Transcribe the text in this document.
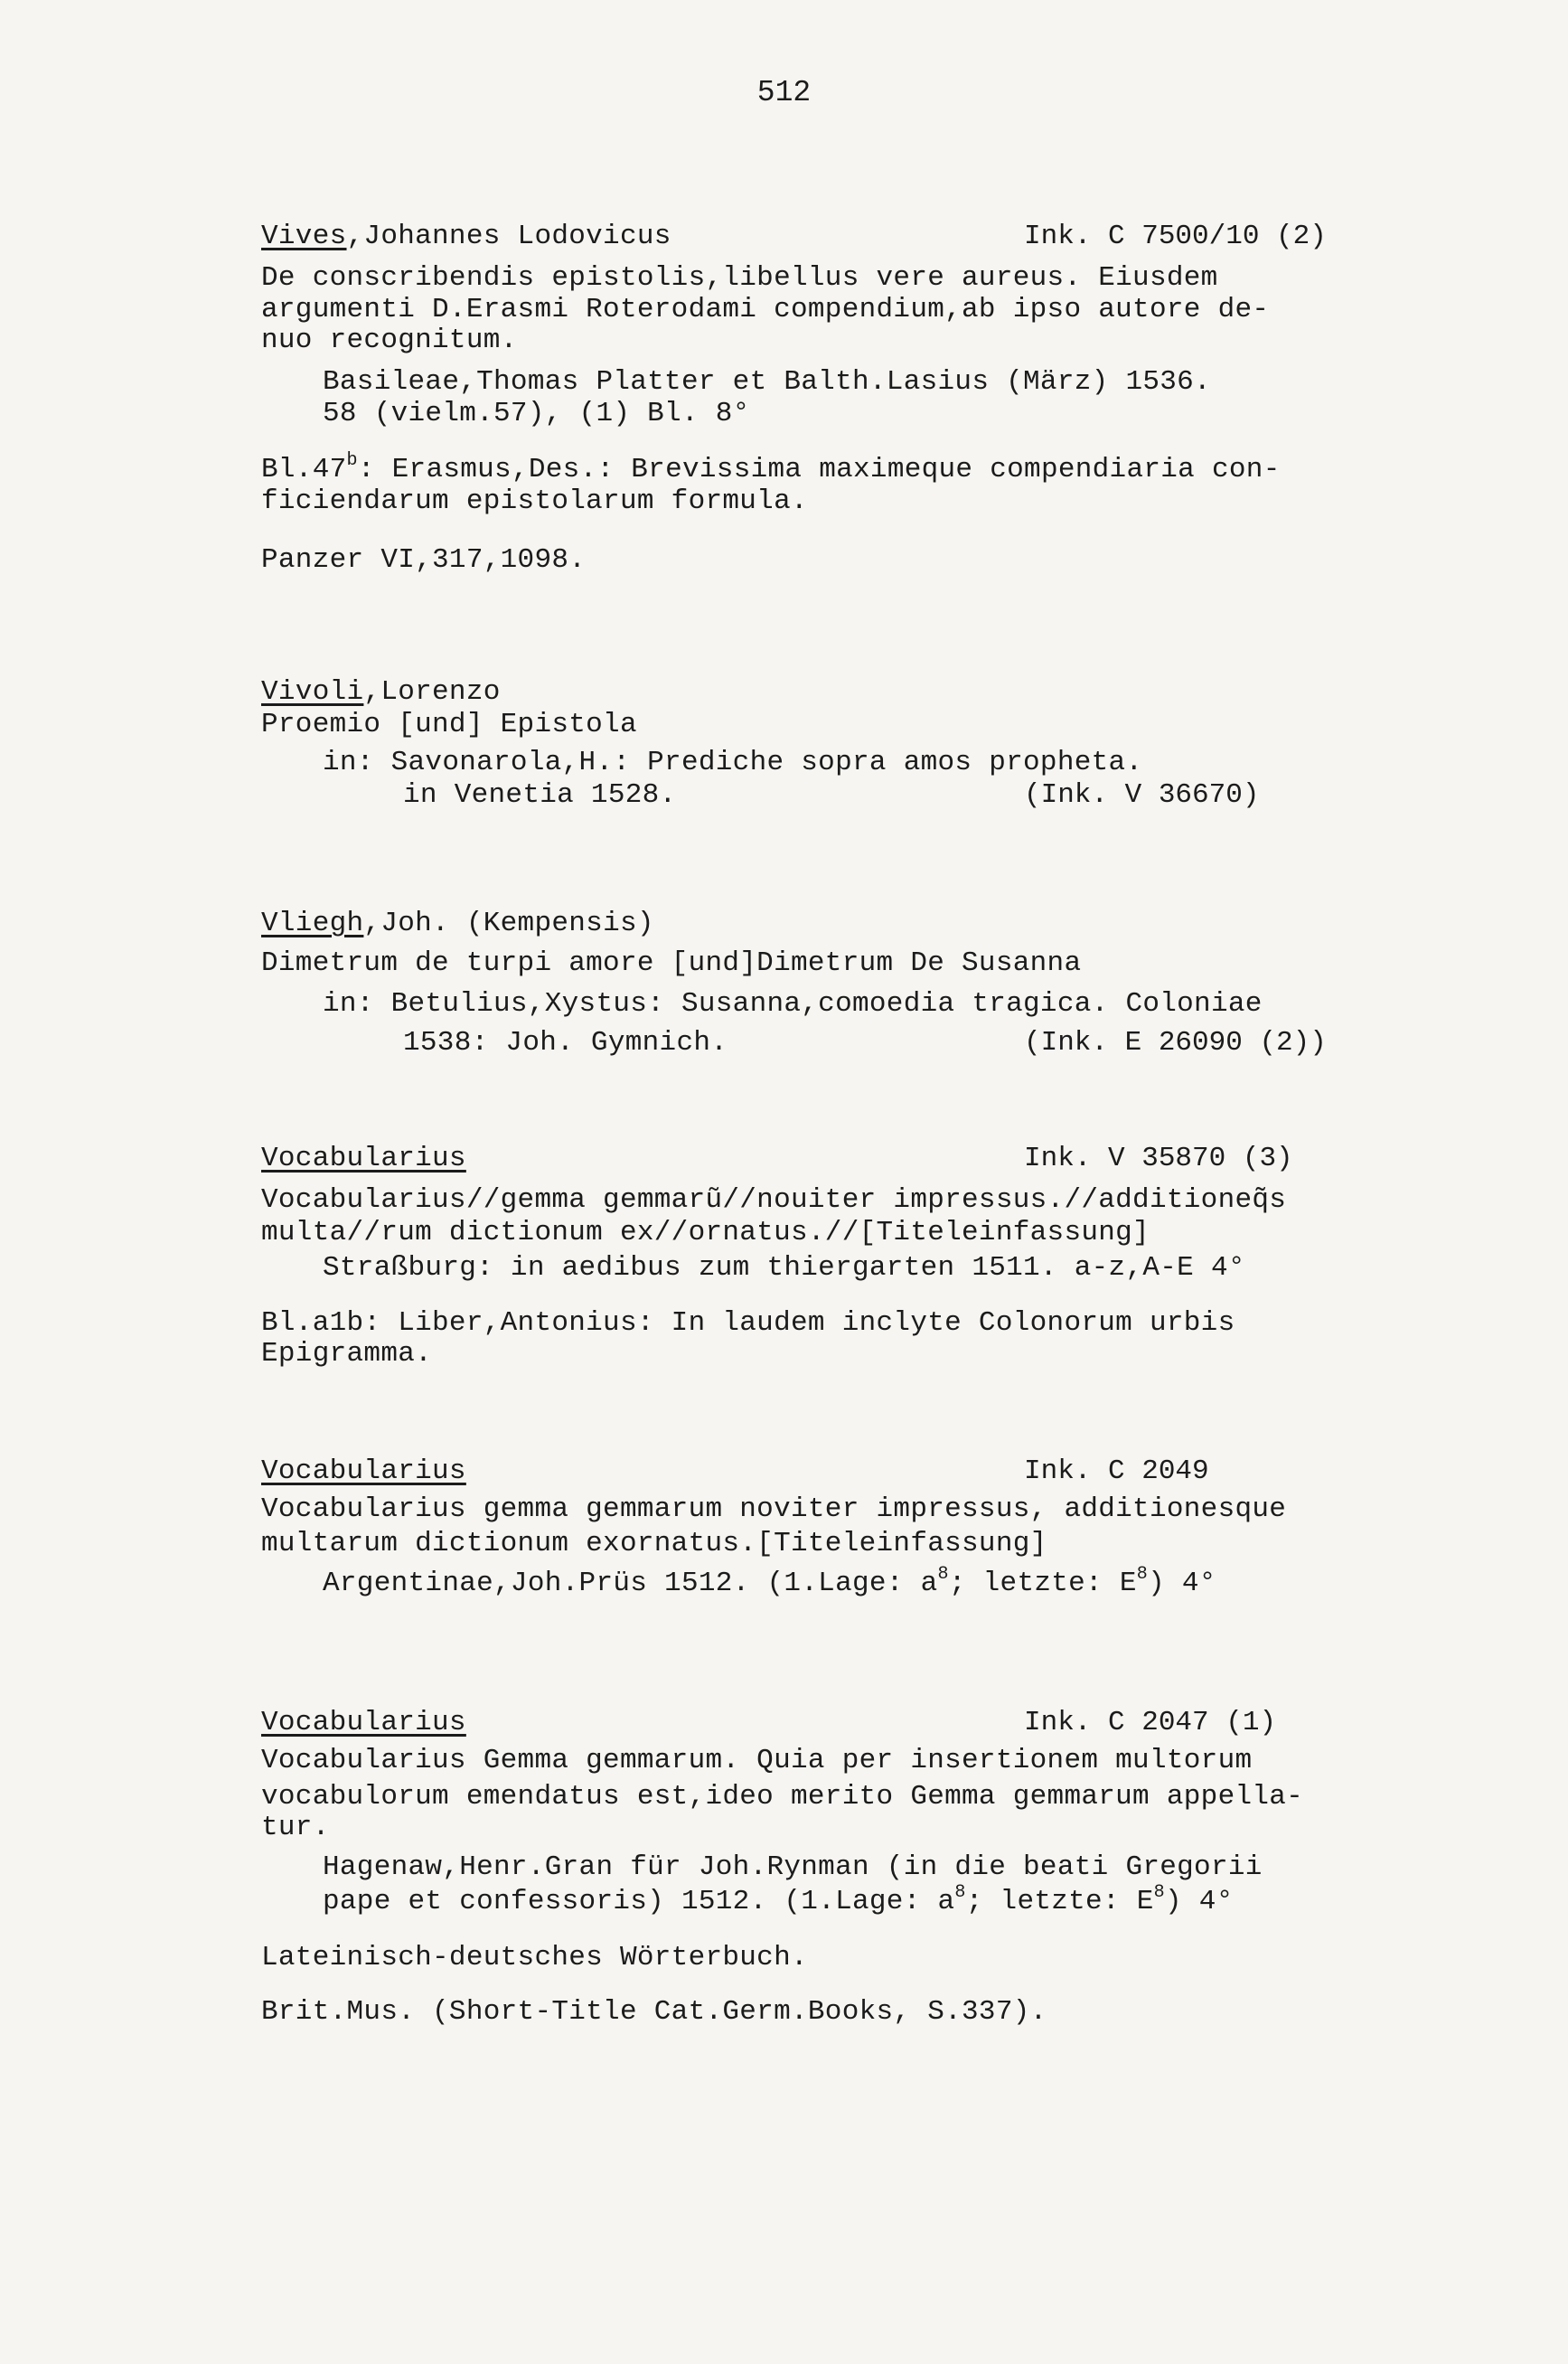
512
Vives,Johannes Lodovicus	Ink. C 7500/10 (2)
De conscribendis epistolis,libellus vere aureus. Eiusdem
argumenti D.Erasmi Roterodami compendium,ab ipso autore de-
nuo recognitum.
Basileae,Thomas Platter et Balth.Lasius (März) 1536.
58 (vielm.57), (1) Bl. 8°
Bl.47$^b$: Erasmus,Des.: Brevissima maximeque compendiaria con-
ficiendarum epistolarum formula.
Panzer VI,317,1098.
Vivoli,Lorenzo
Proemio [und] Epistola
in: Savonarola,H.: Prediche sopra amos propheta.
in Venetia 1528.	(Ink. V 36670)
Vliegh,Joh. (Kempensis)
Dimetrum de turpi amore [und]Dimetrum De Susanna
in: Betulius,Xystus: Susanna,comoedia tragica. Coloniae
1538: Joh. Gymnich.	(Ink. E 26090 (2))
Vocabularius	Ink. V 35870 (3)
Vocabularius//gemma gemmarũ//nouiter impressus.//additioneq̃s
multa//rum dictionum ex//ornatus.//[Titeleinfassung]
Straßburg: in aedibus zum thiergarten 1511. a-z,A-E 4°
Bl.a1b: Liber,Antonius: In laudem inclyte Colonorum urbis
Epigramma.
Vocabularius	Ink. C 2049
Vocabularius gemma gemmarum noviter impressus, additionesque
multarum dictionum exornatus.[Titeleinfassung]
Argentinae,Joh.Prüs 1512. (1.Lage: $a^8$; letzte: $E^8$) 4°
Vocabularius	Ink. C 2047 (1)
Vocabularius Gemma gemmarum. Quia per insertionem multorum
vocabulorum emendatus est,ideo merito Gemma gemmarum appella-
tur.
Hagenaw,Henr.Gran für Joh.Rynman (in die beati Gregorii
pape et confessoris) 1512. (1.Lage: $a^8$; letzte: $E^8$) 4°
Lateinisch-deutsches Wörterbuch.
Brit.Mus. (Short-Title Cat.Germ.Books, S.337).
